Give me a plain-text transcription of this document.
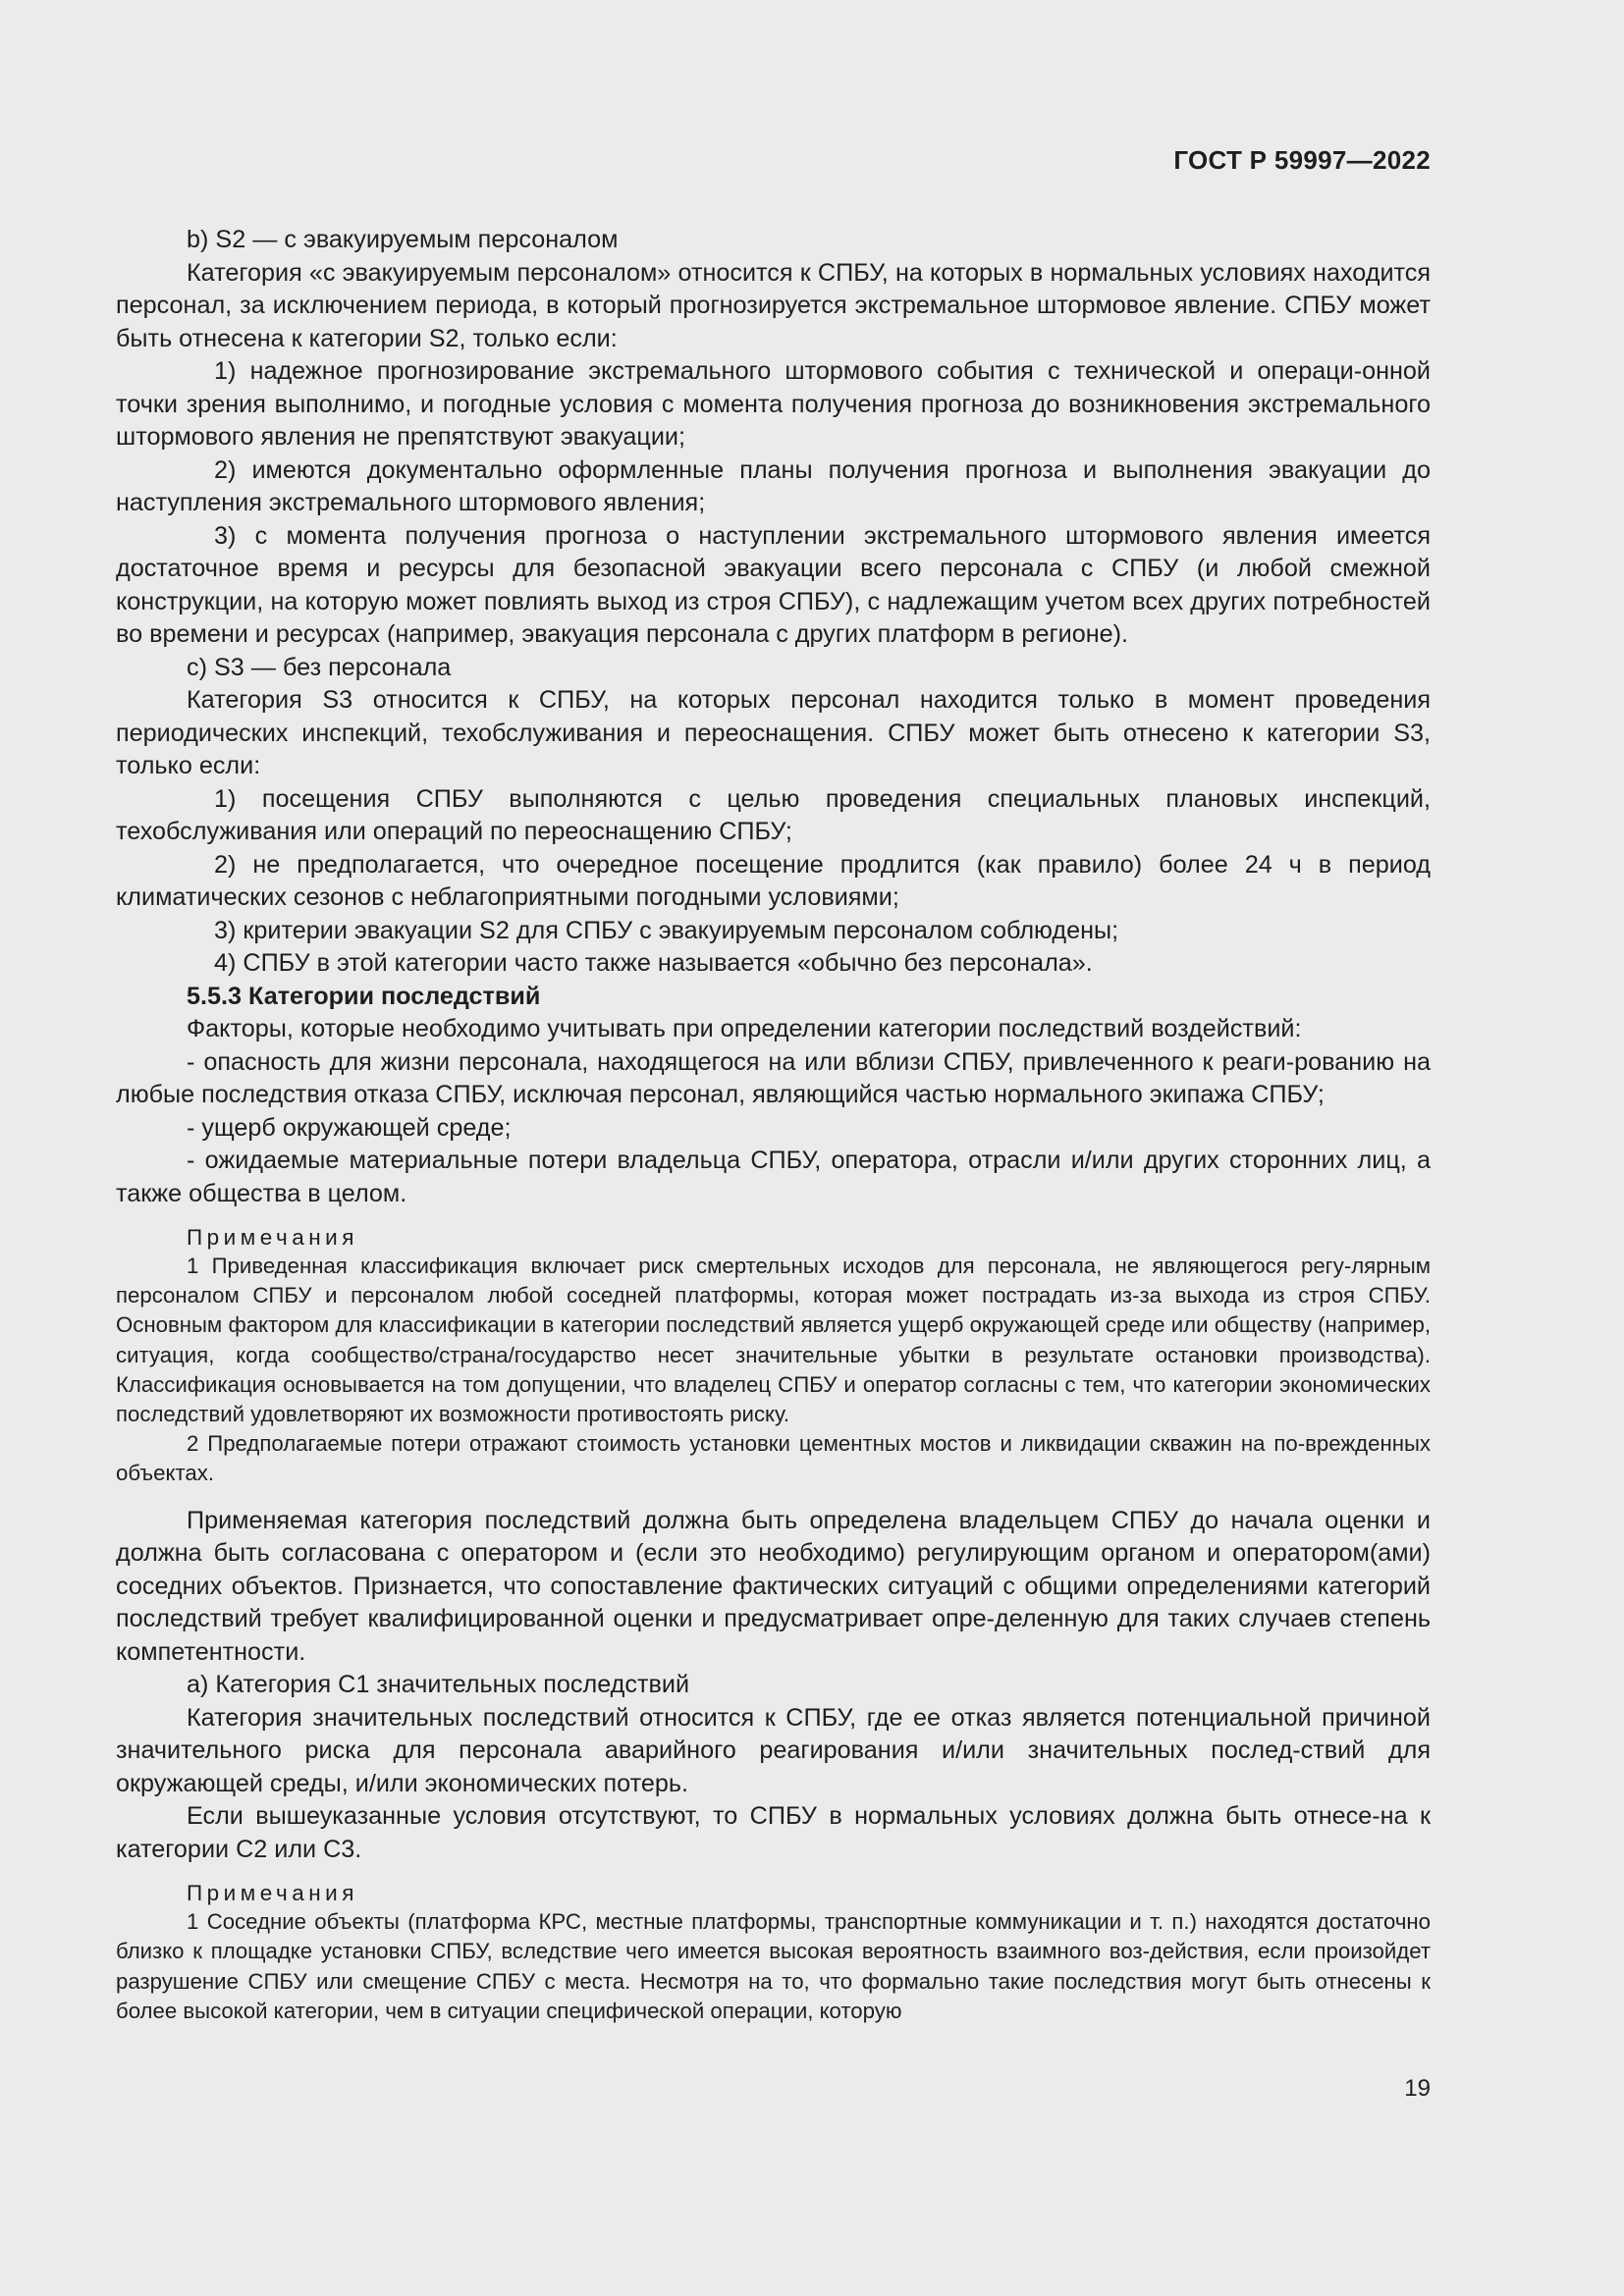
ГОСТ Р 59997—2022

b) S2 — с эвакуируемым персоналом

Категория «с эвакуируемым персоналом» относится к СПБУ, на которых в нормальных условиях находится персонал, за исключением периода, в который прогнозируется экстремальное штормовое явление. СПБУ может быть отнесена к категории S2, только если:

1) надежное прогнозирование экстремального штормового события с технической и операци-онной точки зрения выполнимо, и погодные условия с момента получения прогноза до возникновения экстремального штормового явления не препятствуют эвакуации;

2) имеются документально оформленные планы получения прогноза и выполнения эвакуации до наступления экстремального штормового явления;

3) с момента получения прогноза о наступлении экстремального штормового явления имеется достаточное время и ресурсы для безопасной эвакуации всего персонала с СПБУ (и любой смежной конструкции, на которую может повлиять выход из строя СПБУ), с надлежащим учетом всех других потребностей во времени и ресурсах (например, эвакуация персонала с других платформ в регионе).

c) S3 — без персонала

Категория S3 относится к СПБУ, на которых персонал находится только в момент проведения периодических инспекций, техобслуживания и переоснащения. СПБУ может быть отнесено к категории S3, только если:

1) посещения СПБУ выполняются с целью проведения специальных плановых инспекций, техобслуживания или операций по переоснащению СПБУ;

2) не предполагается, что очередное посещение продлится (как правило) более 24 ч в период климатических сезонов с неблагоприятными погодными условиями;

3) критерии эвакуации S2 для СПБУ с эвакуируемым персоналом соблюдены;

4) СПБУ в этой категории часто также называется «обычно без персонала».

5.5.3 Категории последствий

Факторы, которые необходимо учитывать при определении категории последствий воздействий:

- опасность для жизни персонала, находящегося на или вблизи СПБУ, привлеченного к реаги-рованию на любые последствия отказа СПБУ, исключая персонал, являющийся частью нормального экипажа СПБУ;

- ущерб окружающей среде;

- ожидаемые материальные потери владельца СПБУ, оператора, отрасли и/или других сторонних лиц, а также общества в целом.

Примечания

1 Приведенная классификация включает риск смертельных исходов для персонала, не являющегося регу-лярным персоналом СПБУ и персоналом любой соседней платформы, которая может пострадать из-за выхода из строя СПБУ. Основным фактором для классификации в категории последствий является ущерб окружающей среде или обществу (например, ситуация, когда сообщество/страна/государство несет значительные убытки в результате остановки производства). Классификация основывается на том допущении, что владелец СПБУ и оператор согласны с тем, что категории экономических последствий удовлетворяют их возможности противостоять риску.

2 Предполагаемые потери отражают стоимость установки цементных мостов и ликвидации скважин на по-врежденных объектах.

Применяемая категория последствий должна быть определена владельцем СПБУ до начала оценки и должна быть согласована с оператором и (если это необходимо) регулирующим органом и оператором(ами) соседних объектов. Признается, что сопоставление фактических ситуаций с общими определениями категорий последствий требует квалифицированной оценки и предусматривает опре-деленную для таких случаев степень компетентности.

а) Категория С1 значительных последствий

Категория значительных последствий относится к СПБУ, где ее отказ является потенциальной причиной значительного риска для персонала аварийного реагирования и/или значительных послед-ствий для окружающей среды, и/или экономических потерь.

Если вышеуказанные условия отсутствуют, то СПБУ в нормальных условиях должна быть отнесе-на к категории С2 или С3.

Примечания

1 Соседние объекты (платформа КРС, местные платформы, транспортные коммуникации и т. п.) находятся достаточно близко к площадке установки СПБУ, вследствие чего имеется высокая вероятность взаимного воз-действия, если произойдет разрушение СПБУ или смещение СПБУ с места. Несмотря на то, что формально такие последствия могут быть отнесены к более высокой категории, чем в ситуации специфической операции, которую

19
